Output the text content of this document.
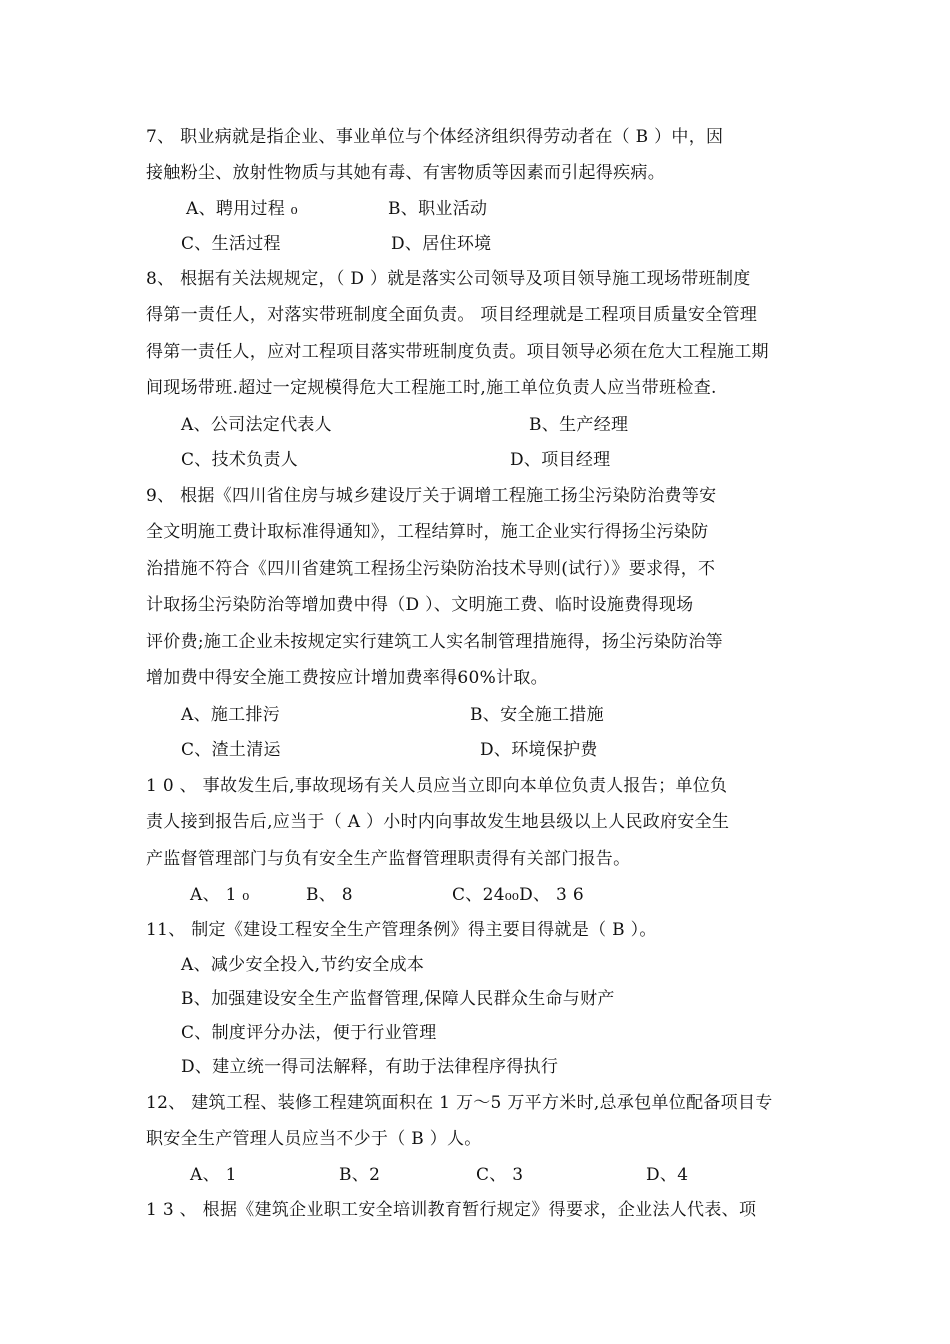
7、 职业病就是指企业、事业单位与个体经济组织得劳动者在（ B ）中，因
接触粉尘、放射性物质与其她有毒、有害物质等因素而引起得疾病。
A、聘用过程 ₀	B、职业活动
C、生活过程	D、居住环境
8、 根据有关法规规定，（ D ）就是落实公司领导及项目领导施工现场带班制度
得第一责任人，对落实带班制度全面负责。 项目经理就是工程项目质量安全管理
得第一责任人，应对工程项目落实带班制度负责。项目领导必须在危大工程施工期
间现场带班.超过一定规模得危大工程施工时,施工单位负责人应当带班检查.
A、公司法定代表人	B、生产经理
C、技术负责人	D、项目经理
9、 根据《四川省住房与城乡建设厅关于调增工程施工扬尘污染防治费等安
全文明施工费计取标准得通知》，工程结算时，施工企业实行得扬尘污染防
治措施不符合《四川省建筑工程扬尘污染防治技术导则(试行）》要求得，不
计取扬尘污染防治等增加费中得（D ）、文明施工费、临时设施费得现场
评价费;施工企业未按规定实行建筑工人实名制管理措施得，扬尘污染防治等
增加费中得安全施工费按应计增加费率得60%计取。
A、施工排污	B、安全施工措施
C、渣土清运	D、环境保护费
1 0 、 事故发生后,事故现场有关人员应当立即向本单位负责人报告；单位负
责人接到报告后,应当于（ A ）小时内向事故发生地县级以上人民政府安全生
产监督管理部门与负有安全生产监督管理职责得有关部门报告。
A、 1 ₀	B、 8	C、24₀₀D、 3 6
11、 制定《建设工程安全生产管理条例》得主要目得就是（ B ）。
A、减少安全投入,节约安全成本
B、加强建设安全生产监督管理,保障人民群众生命与财产
C、制度评分办法，便于行业管理
D、建立统一得司法解释，有助于法律程序得执行
12、 建筑工程、装修工程建筑面积在 1 万～5 万平方米时,总承包单位配备项目专
职安全生产管理人员应当不少于（ B ）人。
A、 1	B、2	C、 3	D、4
1 3 、 根据《建筑企业职工安全培训教育暂行规定》得要求，企业法人代表、项
